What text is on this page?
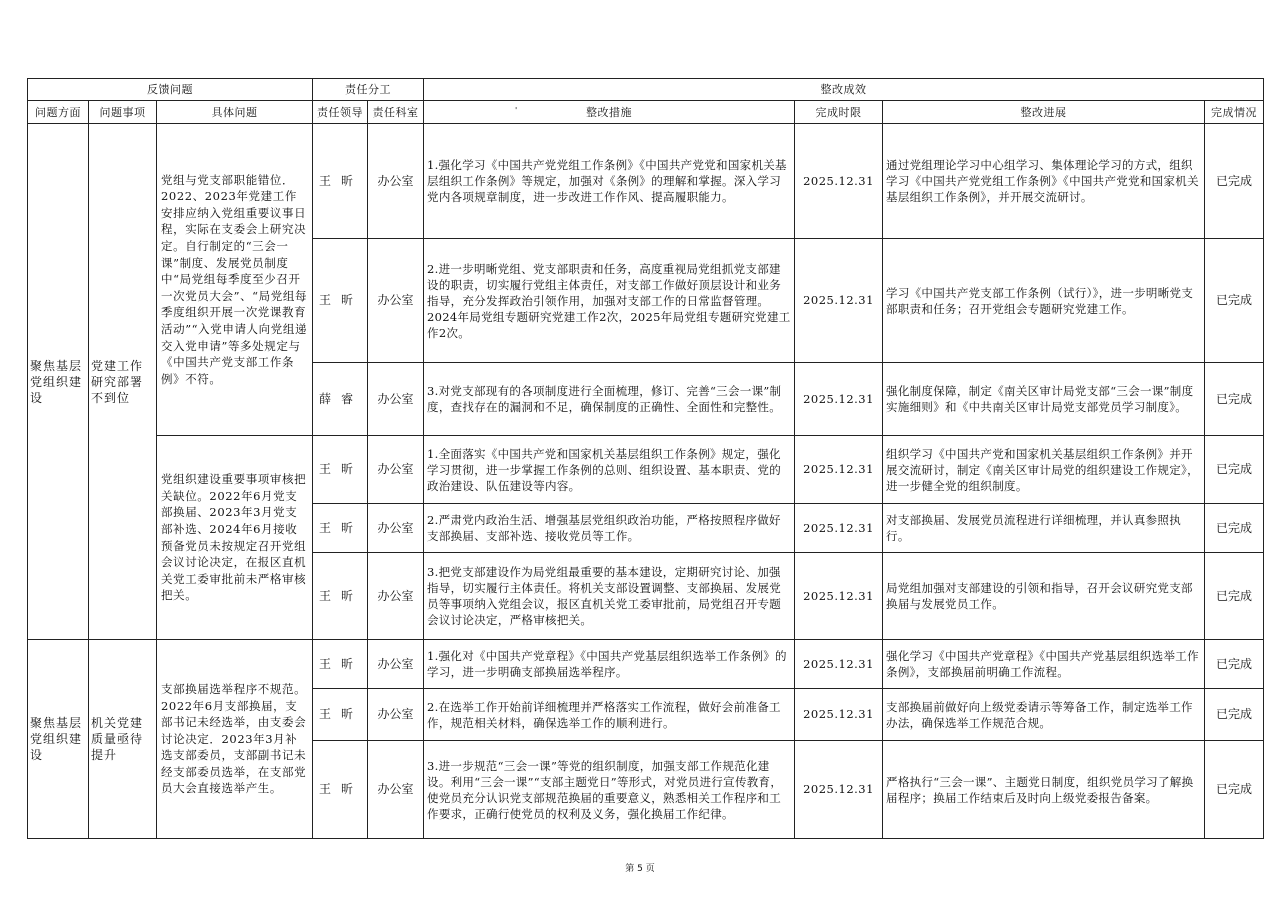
反馈问题			责任分工		整改成效			
问题方面	问题事项	具体问题	责任领导	责任科室	' 整改措施	完成时限	整改进展	完成情况
聚焦基层党组织建设	党建工作研究部署不到位	党组与党支部职能错位．2022、2023年党建工作安排应纳入党组重要议事日程，实际在支委会上研究决定。自行制定的“三会一课”制度、发展党员制度中“局党组每季度至少召开一次党员大会”、“局党组每季度组织开展一次党课教育活动”“入党申请人向党组递交入党申请”等多处规定与《中国共产党支部工作条例》不符。	王昕	办公室	1.强化学习《中国共产党党组工作条例》《中国共产党党和国家机关基层组织工作条例》等规定，加强对《条例》的理解和掌握。深入学习党内各项规章制度，进一步改进工作作风、提高履职能力。	2025.12.31	通过党组理论学习中心组学习、集体理论学习的方式，组织学习《中国共产党党组工作条例》《中国共产党党和国家机关基层组织工作条例》，并开展交流研讨。	已完成
			王昕	办公室	2.进一步明晰党组、党支部职责和任务，高度重视局党组抓党支部建设的职责，切实履行党组主体责任，对支部工作做好顶层设计和业务指导，充分发挥政治引领作用，加强对支部工作的日常监督管理。2024年局党组专题研究党建工作2次，2025年局党组专题研究党建工作2次。	2025.12.31	学习《中国共产党支部工作条例（试行）》，进一步明晰党支部职责和任务；召开党组会专题研究党建工作。	已完成
			薛睿	办公室	3.对党支部现有的各项制度进行全面梳理，修订、完善“三会一课”制度，查找存在的漏洞和不足，确保制度的正确性、全面性和完整性。	2025.12.31	强化制度保障，制定《南关区审计局党支部“三会一课”制度实施细则》和《中共南关区审计局党支部党员学习制度》。	已完成
		党组织建设重要事项审核把关缺位。2022年6月党支部换届、2023年3月党支部补选、2024年6月接收预备党员未按规定召开党组会议讨论决定，在报区直机关党工委审批前未严格审核把关。	王昕	办公室	1.全面落实《中国共产党和国家机关基层组织工作条例》规定，强化学习贯彻，进一步掌握工作条例的总则、组织设置、基本职责、党的政治建设、队伍建设等内容。	2025.12.31	组织学习《中国共产党和国家机关基层组织工作条例》并开展交流研讨，制定《南关区审计局党的组织建设工作规定》，进一步健全党的组织制度。	已完成
			王昕	办公室	2.严肃党内政治生活、增强基层党组织政治功能，严格按照程序做好支部换届、支部补选、接收党员等工作。	2025.12.31	对支部换届、发展党员流程进行详细梳理，并认真参照执行。	已完成
			王昕	办公室	3.把党支部建设作为局党组最重要的基本建设，定期研究讨论、加强指导，切实履行主体责任。将机关支部设置调整、支部换届、发展党员等事项纳入党组会议，报区直机关党工委审批前，局党组召开专题会议讨论决定，严格审核把关。	2025.12.31	局党组加强对支部建设的引领和指导，召开会议研究党支部换届与发展党员工作。	已完成
聚焦基层党组织建设	机关党建质量亟待提升	支部换届选举程序不规范。2022年6月支部换届，支部书记未经选举，由支委会讨论决定．2023年3月补选支部委员，支部副书记未经支部委员选举，在支部党员大会直接选举产生。	王昕	办公室	1.强化对《中国共产党章程》《中国共产党基层组织选举工作条例》的学习，进一步明确支部换届选举程序。	2025.12.31	强化学习《中国共产党章程》《中国共产党基层组织选举工作条例》，支部换届前明确工作流程。	已完成
			王昕	办公室	2.在选举工作开始前详细梳理并严格落实工作流程，做好会前准备工作，规范相关材料，确保选举工作的顺利进行。	2025.12.31	支部换届前做好向上级党委请示等筹备工作，制定选举工作办法，确保选举工作规范合规。	已完成
			王昕	办公室	3.进一步规范“三会一课”等党的组织制度，加强支部工作规范化建设。利用“三会一课”“支部主题党日”等形式，对党员进行宣传教育，使党员充分认识党支部规范换届的重要意义，熟悉相关工作程序和工作要求，正确行使党员的权利及义务，强化换届工作纪律。	2025.12.31	严格执行“三会一课”、主题党日制度，组织党员学习了解换届程序；换届工作结束后及时向上级党委报告备案。	已完成
第 5 页
